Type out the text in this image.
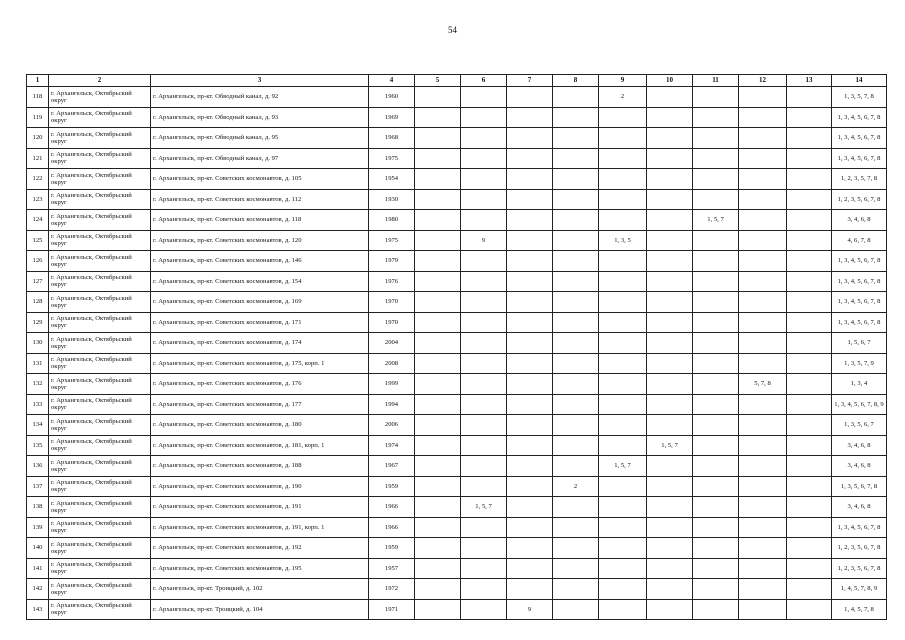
54
1	2	3	4	5	6	7	8	9	10	11	12	13	14
118	г. Архангельск, Октябрьский округ	г. Архангельск, пр-кт. Обводный канал, д. 92	1960					2					1, 3, 5, 7, 8
119	г. Архангельск, Октябрьский округ	г. Архангельск, пр-кт. Обводный канал, д. 93	1969										1, 3, 4, 5, 6, 7, 8
120	г. Архангельск, Октябрьский округ	г. Архангельск, пр-кт. Обводный канал, д. 95	1968										1, 3, 4, 5, 6, 7, 8
121	г. Архангельск, Октябрьский округ	г. Архангельск, пр-кт. Обводный канал, д. 97	1975										1, 3, 4, 5, 6, 7, 8
122	г. Архангельск, Октябрьский округ	г. Архангельск, пр-кт. Советских космонавтов, д. 105	1954										1, 2, 3, 5, 7, 8
123	г. Архангельск, Октябрьский округ	г. Архангельск, пр-кт. Советских космонавтов, д. 112	1930										1, 2, 3, 5, 6, 7, 8
124	г. Архангельск, Октябрьский округ	г. Архангельск, пр-кт. Советских космонавтов, д. 118	1980							1, 5, 7			3, 4, 6, 8
125	г. Архангельск, Октябрьский округ	г. Архангельск, пр-кт. Советских космонавтов, д. 120	1975		9			1, 3, 5					4, 6, 7, 8
126	г. Архангельск, Октябрьский округ	г. Архангельск, пр-кт. Советских космонавтов, д. 146	1979										1, 3, 4, 5, 6, 7, 8
127	г. Архангельск, Октябрьский округ	г. Архангельск, пр-кт. Советских космонавтов, д. 154	1976										1, 3, 4, 5, 6, 7, 8
128	г. Архангельск, Октябрьский округ	г. Архангельск, пр-кт. Советских космонавтов, д. 169	1970										1, 3, 4, 5, 6, 7, 8
129	г. Архангельск, Октябрьский округ	г. Архангельск, пр-кт. Советских космонавтов, д. 171	1970										1, 3, 4, 5, 6, 7, 8
130	г. Архангельск, Октябрьский округ	г. Архангельск, пр-кт. Советских космонавтов, д. 174	2004										1, 5, 6, 7
131	г. Архангельск, Октябрьский округ	г. Архангельск, пр-кт. Советских космонавтов, д. 175, корп. 1	2008										1, 3, 5, 7, 9
132	г. Архангельск, Октябрьский округ	г. Архангельск, пр-кт. Советских космонавтов, д. 176	1999								5, 7, 8		1, 3, 4
133	г. Архангельск, Октябрьский округ	г. Архангельск, пр-кт. Советских космонавтов, д. 177	1994										1, 3, 4, 5, 6, 7, 8, 9
134	г. Архангельск, Октябрьский округ	г. Архангельск, пр-кт. Советских космонавтов, д. 180	2006										1, 3, 5, 6, 7
135	г. Архангельск, Октябрьский округ	г. Архангельск, пр-кт. Советских космонавтов, д. 181, корп. 1	1974						1, 5, 7				3, 4, 6, 8
136	г. Архангельск, Октябрьский округ	г. Архангельск, пр-кт. Советских космонавтов, д. 188	1967					1, 5, 7					3, 4, 6, 8
137	г. Архангельск, Октябрьский округ	г. Архангельск, пр-кт. Советских космонавтов, д. 190	1959				2						1, 3, 5, 6, 7, 8
138	г. Архангельск, Октябрьский округ	г. Архангельск, пр-кт. Советских космонавтов, д. 191	1966		1, 5, 7								3, 4, 6, 8
139	г. Архангельск, Октябрьский округ	г. Архангельск, пр-кт. Советских космонавтов, д. 191, корп. 1	1966										1, 3, 4, 5, 6, 7, 8
140	г. Архангельск, Октябрьский округ	г. Архангельск, пр-кт. Советских космонавтов, д. 192	1959										1, 2, 3, 5, 6, 7, 8
141	г. Архангельск, Октябрьский округ	г. Архангельск, пр-кт. Советских космонавтов, д. 195	1957										1, 2, 3, 5, 6, 7, 8
142	г. Архангельск, Октябрьский округ	г. Архангельск, пр-кт. Троицкий, д. 102	1972										1, 4, 5, 7, 8, 9
143	г. Архангельск, Октябрьский округ	г. Архангельск, пр-кт. Троицкий, д. 104	1971			9							1, 4, 5, 7, 8
